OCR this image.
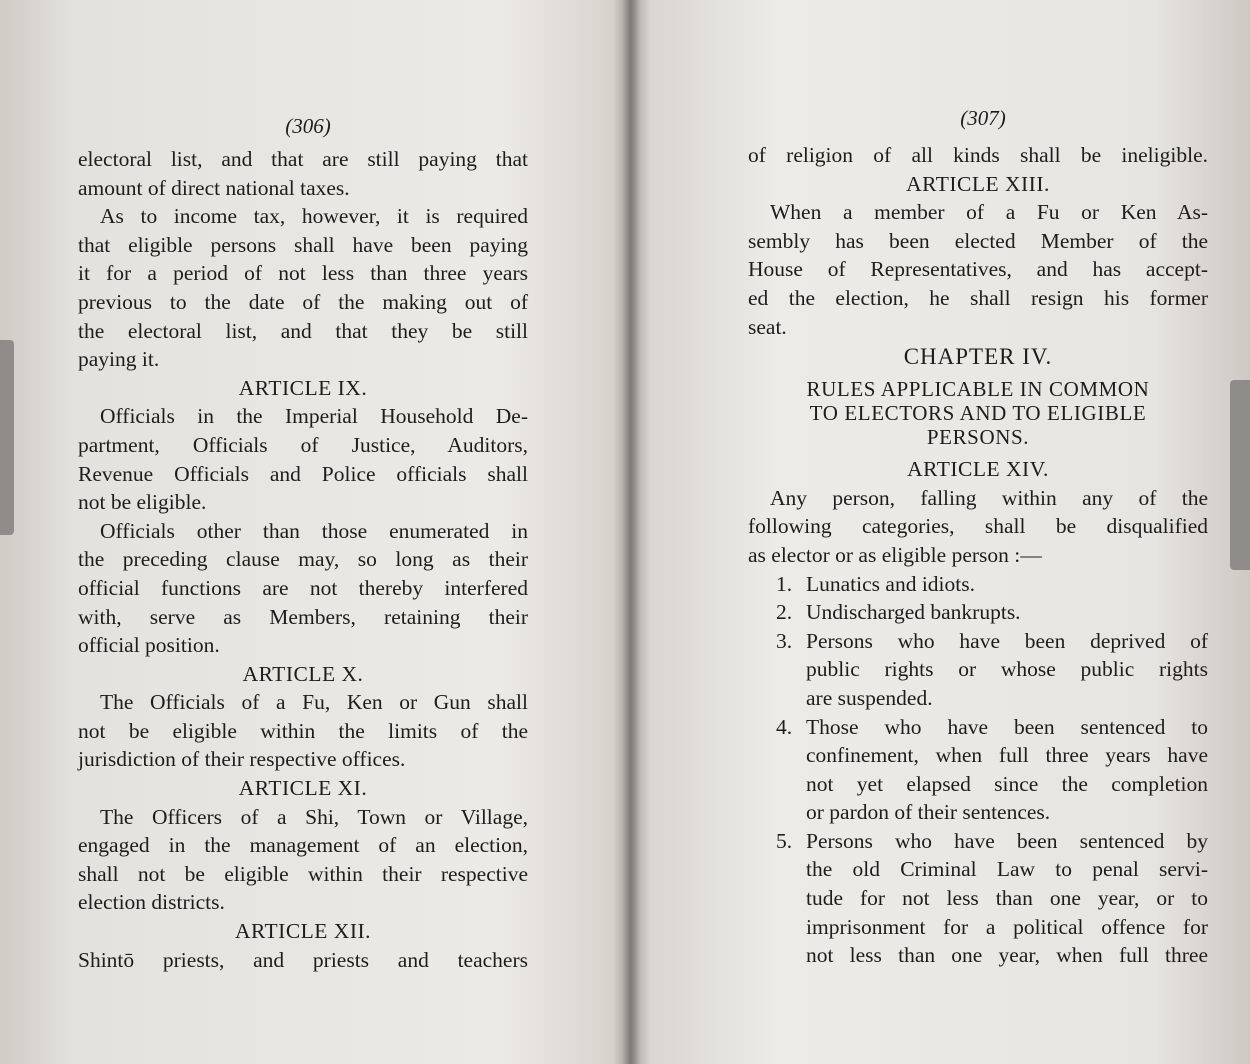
(306)
electoral list, and that are still paying that
amount of direct national taxes.
As to income tax, however, it is required
that eligible persons shall have been paying
it for a period of not less than three years
previous to the date of the making out of
the electoral list, and that they be still
paying it.
ARTICLE IX.
Officials in the Imperial Household De-
partment, Officials of Justice, Auditors,
Revenue Officials and Police officials shall
not be eligible.
Officials other than those enumerated in
the preceding clause may, so long as their
official functions are not thereby interfered
with, serve as Members, retaining their
official position.
ARTICLE X.
The Officials of a Fu, Ken or Gun shall
not be eligible within the limits of the
jurisdiction of their respective offices.
ARTICLE XI.
The Officers of a Shi, Town or Village,
engaged in the management of an election,
shall not be eligible within their respective
election districts.
ARTICLE XII.
Shintō priests, and priests and teachers
(307)
of religion of all kinds shall be ineligible.
ARTICLE XIII.
When a member of a Fu or Ken As-
sembly has been elected Member of the
House of Representatives, and has accept-
ed the election, he shall resign his former
seat.
CHAPTER IV.
RULES APPLICABLE IN COMMON
TO ELECTORS AND TO ELIGIBLE
PERSONS.
ARTICLE XIV.
Any person, falling within any of the
following categories, shall be disqualified
as elector or as eligible person :—
1. Lunatics and idiots.
2. Undischarged bankrupts.
3. Persons who have been deprived of
public rights or whose public rights
are suspended.
4. Those who have been sentenced to
confinement, when full three years have
not yet elapsed since the completion
or pardon of their sentences.
5. Persons who have been sentenced by
the old Criminal Law to penal servi-
tude for not less than one year, or to
imprisonment for a political offence for
not less than one year, when full three
